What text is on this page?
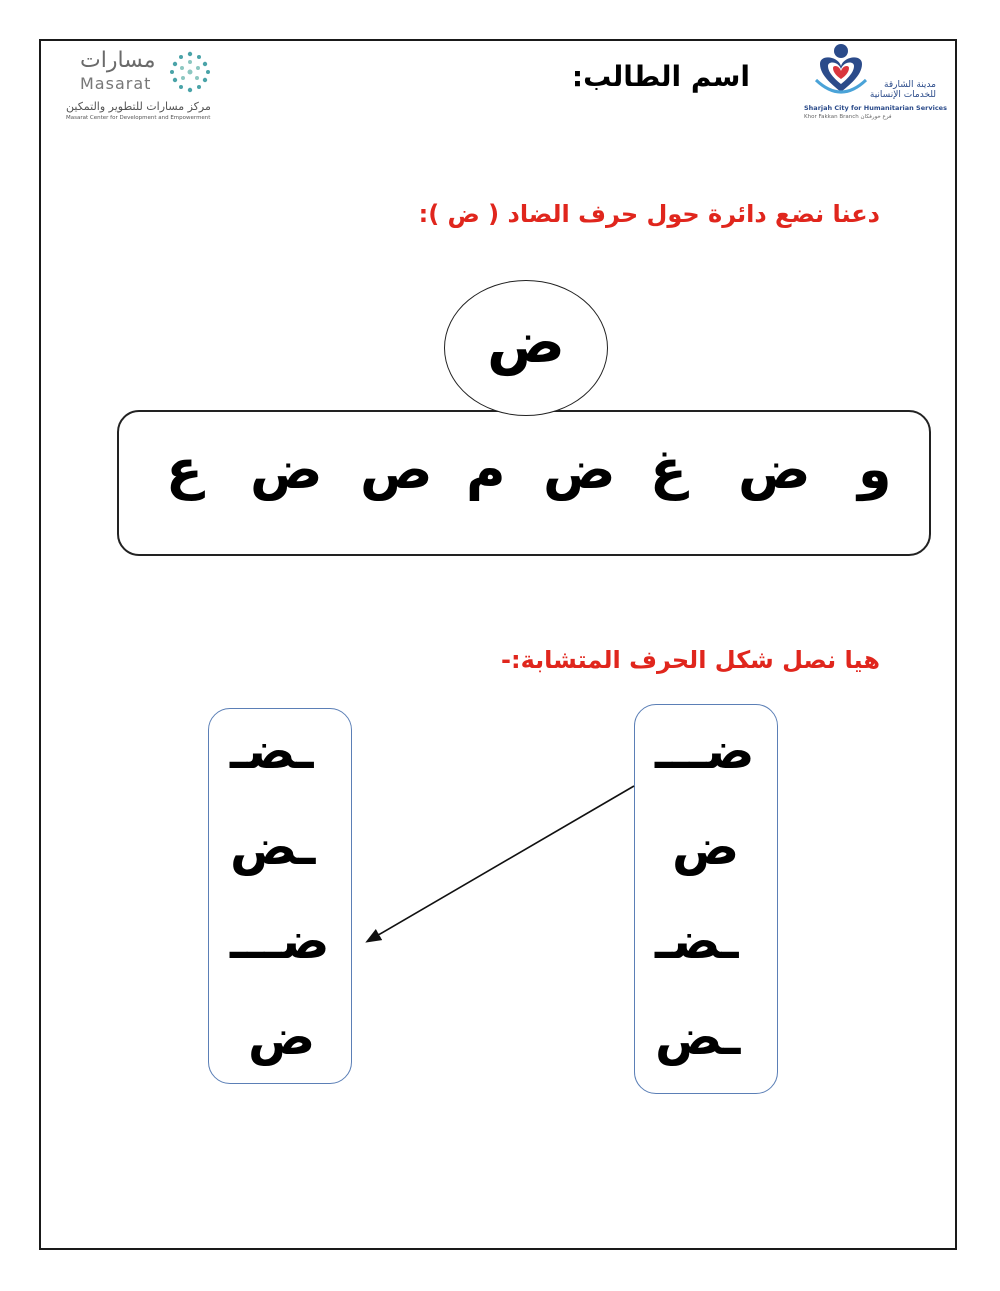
مسارات
Masarat
مركز مسارات للتطوير والتمكين
Masarat Center for Development and Empowerment
اسم الطالب:	مدينة الشارقة للخدمات الإنسانية
Sharjah City for Humanitarian Services
Khor Fakkan Branch فرع خورفكان
دعنا نضع دائرة حول حرف الضاد ( ض ):
ض
و
ض
غ
ض
م
ص
ض
ع
هيا نصل شكل الحرف المتشابة:-
ضـــ
ض
ـضـ
ـض
ـضـ
ـض
ضـــ
ض
